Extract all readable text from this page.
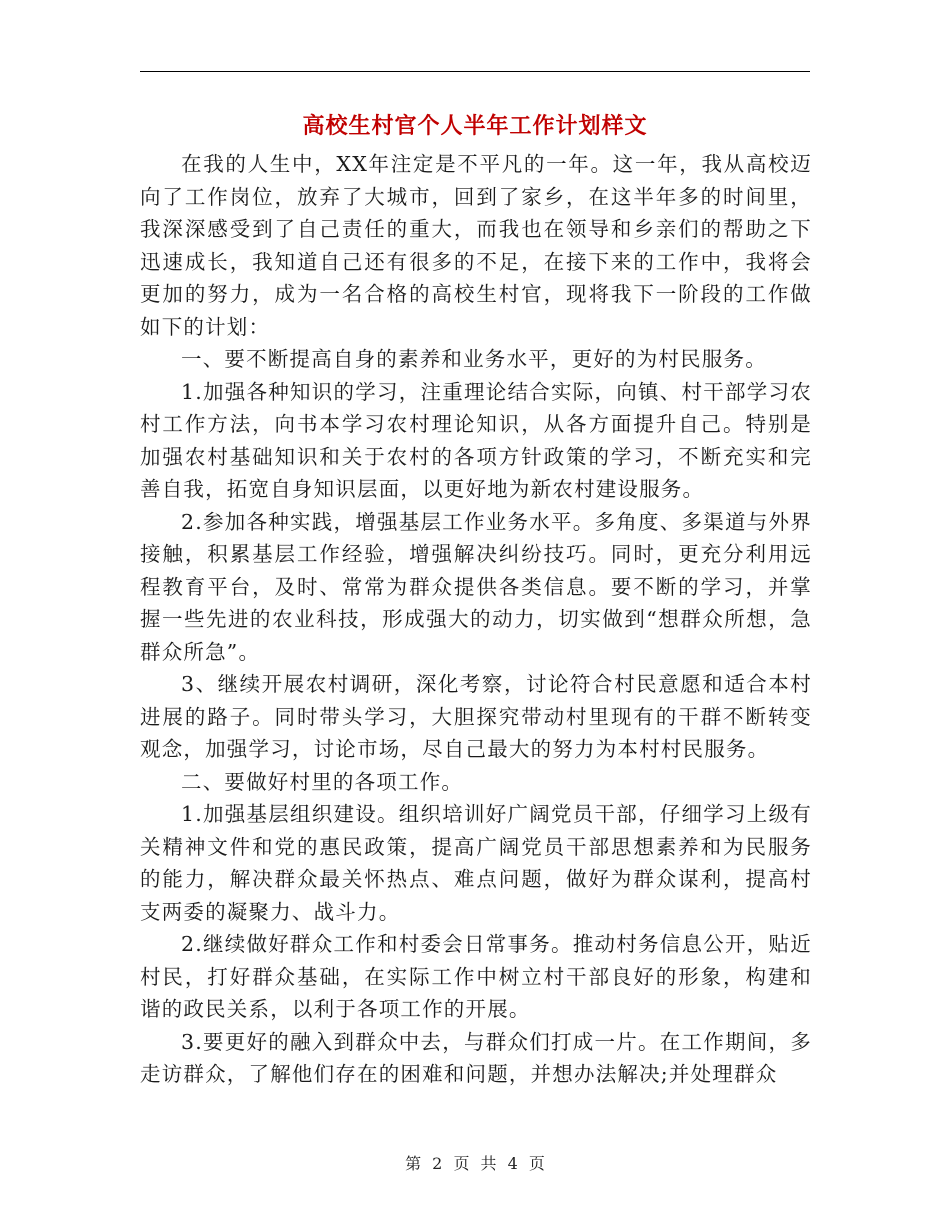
高校生村官个人半年工作计划样文

在我的人生中，XX年注定是不平凡的一年。这一年，我从高校迈向了工作岗位，放弃了大城市，回到了家乡，在这半年多的时间里，我深深感受到了自己责任的重大，而我也在领导和乡亲们的帮助之下迅速成长，我知道自己还有很多的不足，在接下来的工作中，我将会更加的努力，成为一名合格的高校生村官，现将我下一阶段的工作做如下的计划：

一、要不断提高自身的素养和业务水平，更好的为村民服务。

1.加强各种知识的学习，注重理论结合实际，向镇、村干部学习农村工作方法，向书本学习农村理论知识，从各方面提升自己。特别是加强农村基础知识和关于农村的各项方针政策的学习，不断充实和完善自我，拓宽自身知识层面，以更好地为新农村建设服务。

2.参加各种实践，增强基层工作业务水平。多角度、多渠道与外界接触，积累基层工作经验，增强解决纠纷技巧。同时，更充分利用远程教育平台，及时、常常为群众提供各类信息。要不断的学习，并掌握一些先进的农业科技，形成强大的动力，切实做到“想群众所想，急群众所急”。

3、继续开展农村调研，深化考察，讨论符合村民意愿和适合本村进展的路子。同时带头学习，大胆探究带动村里现有的干群不断转变观念，加强学习，讨论市场，尽自己最大的努力为本村村民服务。

二、要做好村里的各项工作。

1.加强基层组织建设。组织培训好广阔党员干部，仔细学习上级有关精神文件和党的惠民政策，提高广阔党员干部思想素养和为民服务的能力，解决群众最关怀热点、难点问题，做好为群众谋利，提高村支两委的凝聚力、战斗力。

2.继续做好群众工作和村委会日常事务。推动村务信息公开，贴近村民，打好群众基础，在实际工作中树立村干部良好的形象，构建和谐的政民关系，以利于各项工作的开展。

3.要更好的融入到群众中去，与群众们打成一片。在工作期间，多走访群众，了解他们存在的困难和问题，并想办法解决;并处理群众

第 2 页 共 4 页
